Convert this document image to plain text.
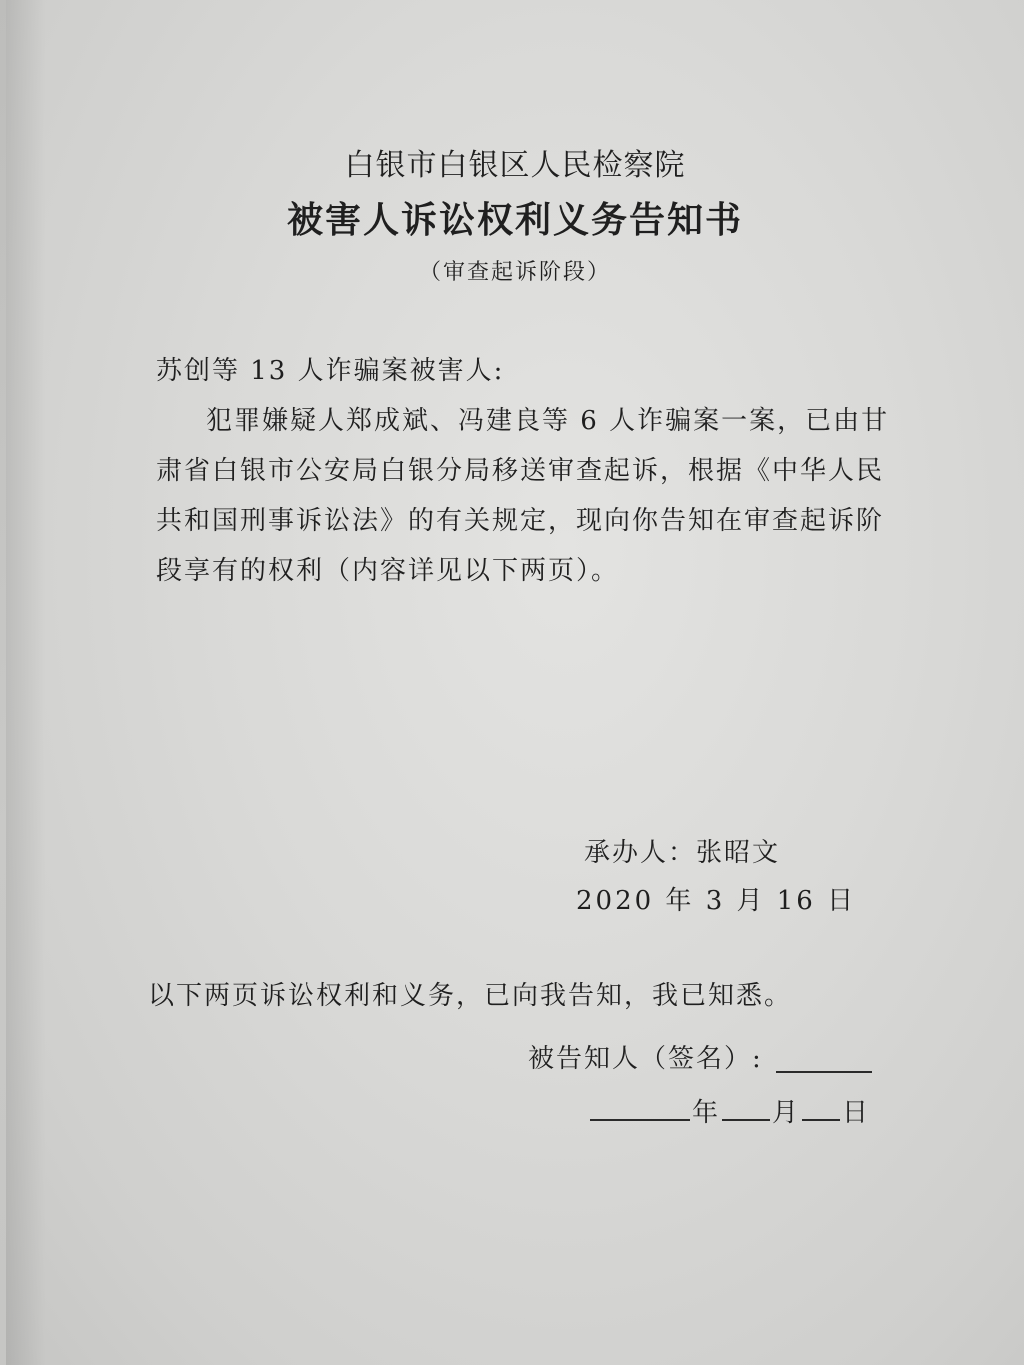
白银市白银区人民检察院
被害人诉讼权利义务告知书
（审查起诉阶段）
苏创等 13 人诈骗案被害人:
犯罪嫌疑人郑成斌、冯建良等 6 人诈骗案一案，已由甘
肃省白银市公安局白银分局移送审查起诉，根据《中华人民
共和国刑事诉讼法》的有关规定，现向你告知在审查起诉阶
段享有的权利（内容详见以下两页）。
承办人：张昭文
2020 年 3 月 16 日
以下两页诉讼权利和义务，已向我告知，我已知悉。
被告知人（签名）:
年 月 日
